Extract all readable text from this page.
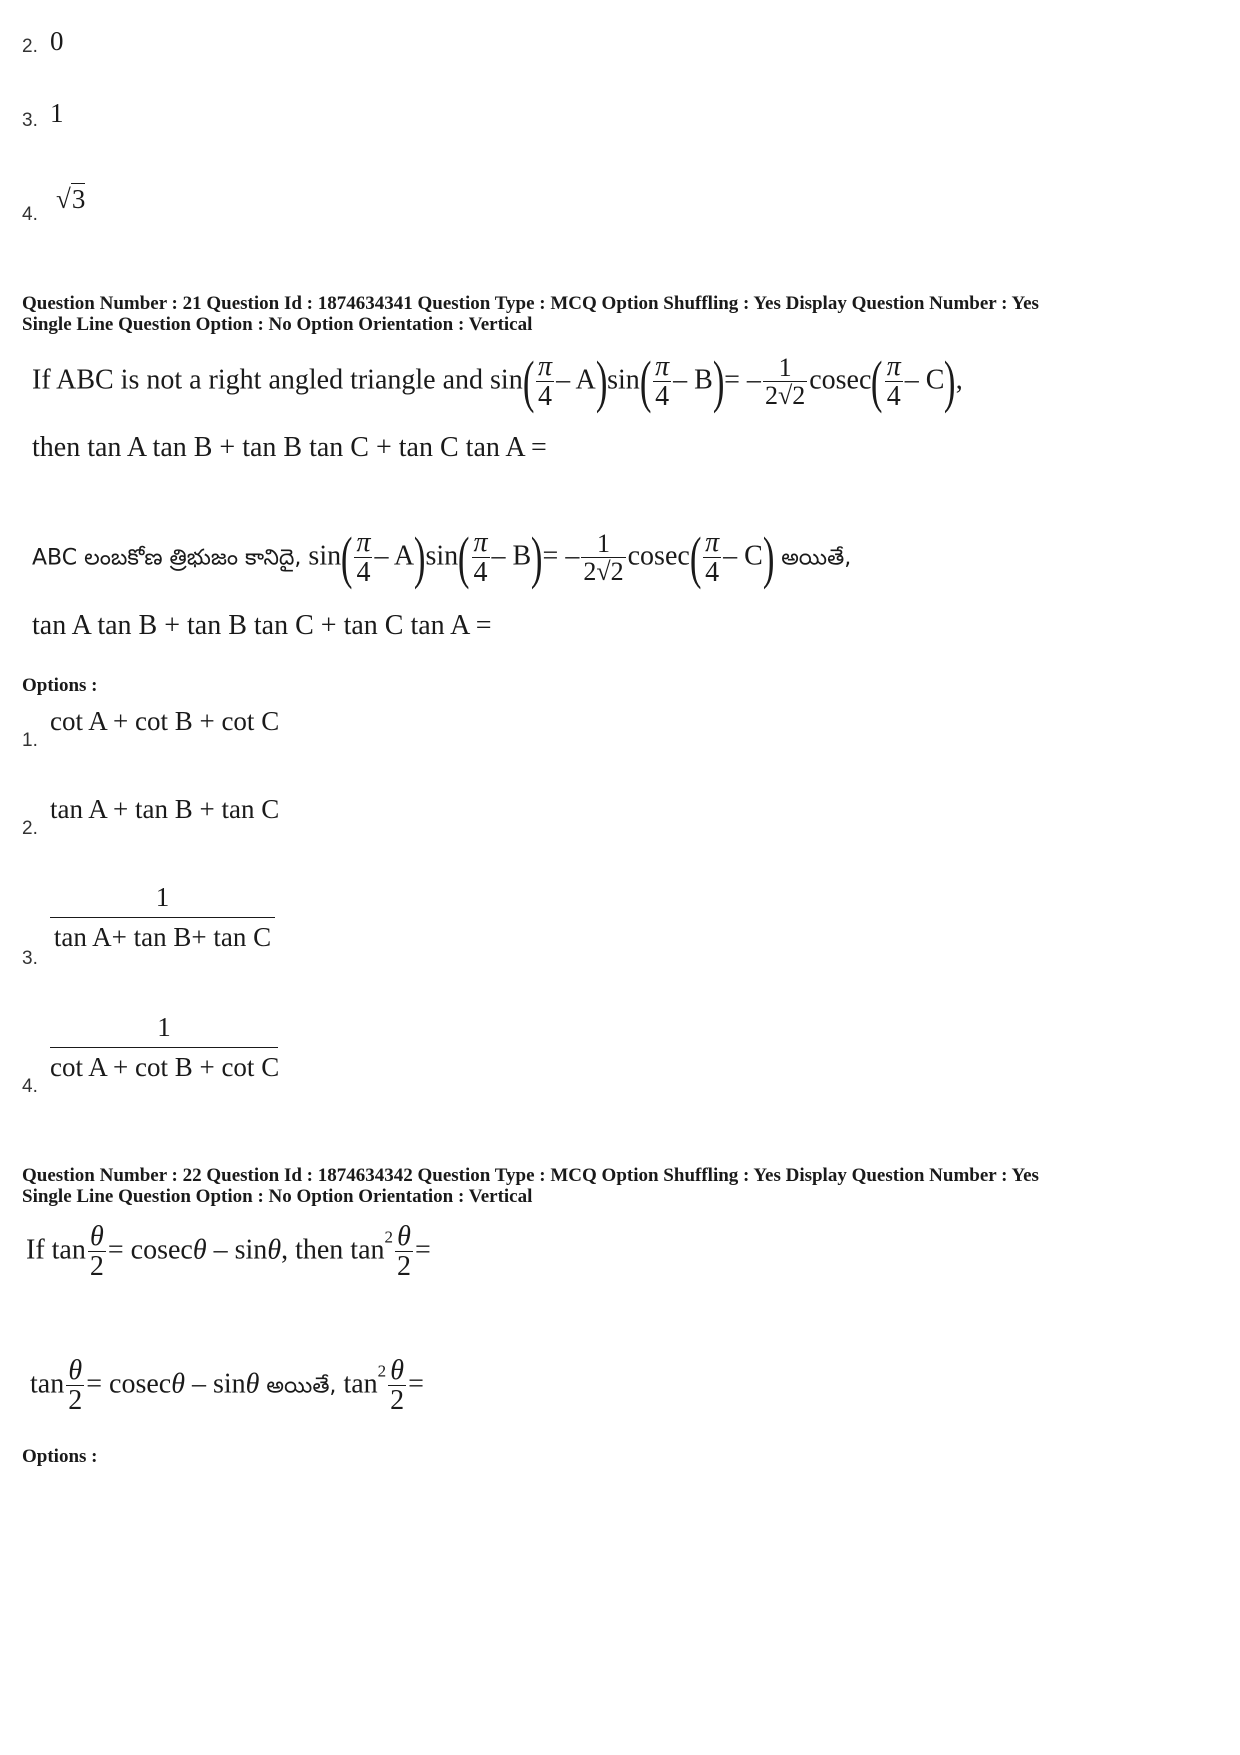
2. 0
3. 1
4.
√3
Question Number : 21 Question Id : 1874634341 Question Type : MCQ Option Shuffling : Yes Display Question Number : Yes
Single Line Question Option : No Option Orientation : Vertical
If ABC is not a right angled triangle and $\sin( \frac{\pi}{4} - A)\sin( \frac{\pi}{4} - B)= - \frac{1}{2√2} cosec( \frac{\pi}{4} - C)$,
then tan A tan B + tan B tan C + tan C tan A =
ABC లంబకోణ త్రిభుజం కానిదై, $\sin( \frac{\pi}{4} - A)\sin( \frac{\pi}{4} - B)= - \frac{1}{2√2} cosec( \frac{\pi}{4} - C)$ అయితే,
tan A tan B + tan B tan C + tan C tan A =
Options :
1.
cot A + cot B + cot C
2.
tan A + tan B + tan C
3.
$\frac{1}{\text{tan A+ tan B+ tan C}}$
4.
$\frac{1}{\text{cot A + cot B + cot C}}$
Question Number : 22 Question Id : 1874634342 Question Type : MCQ Option Shuffling : Yes Display Question Number : Yes
Single Line Question Option : No Option Orientation : Vertical
If $\tan \frac{\theta}{2} = cosec\theta - \sin\theta$, then $\tan^2 \frac{\theta}{2}$ =
$\tan \frac{\theta}{2} = cosec\theta - \sin\theta$ అయితే, $\tan^2 \frac{\theta}{2}$ =
Options :
